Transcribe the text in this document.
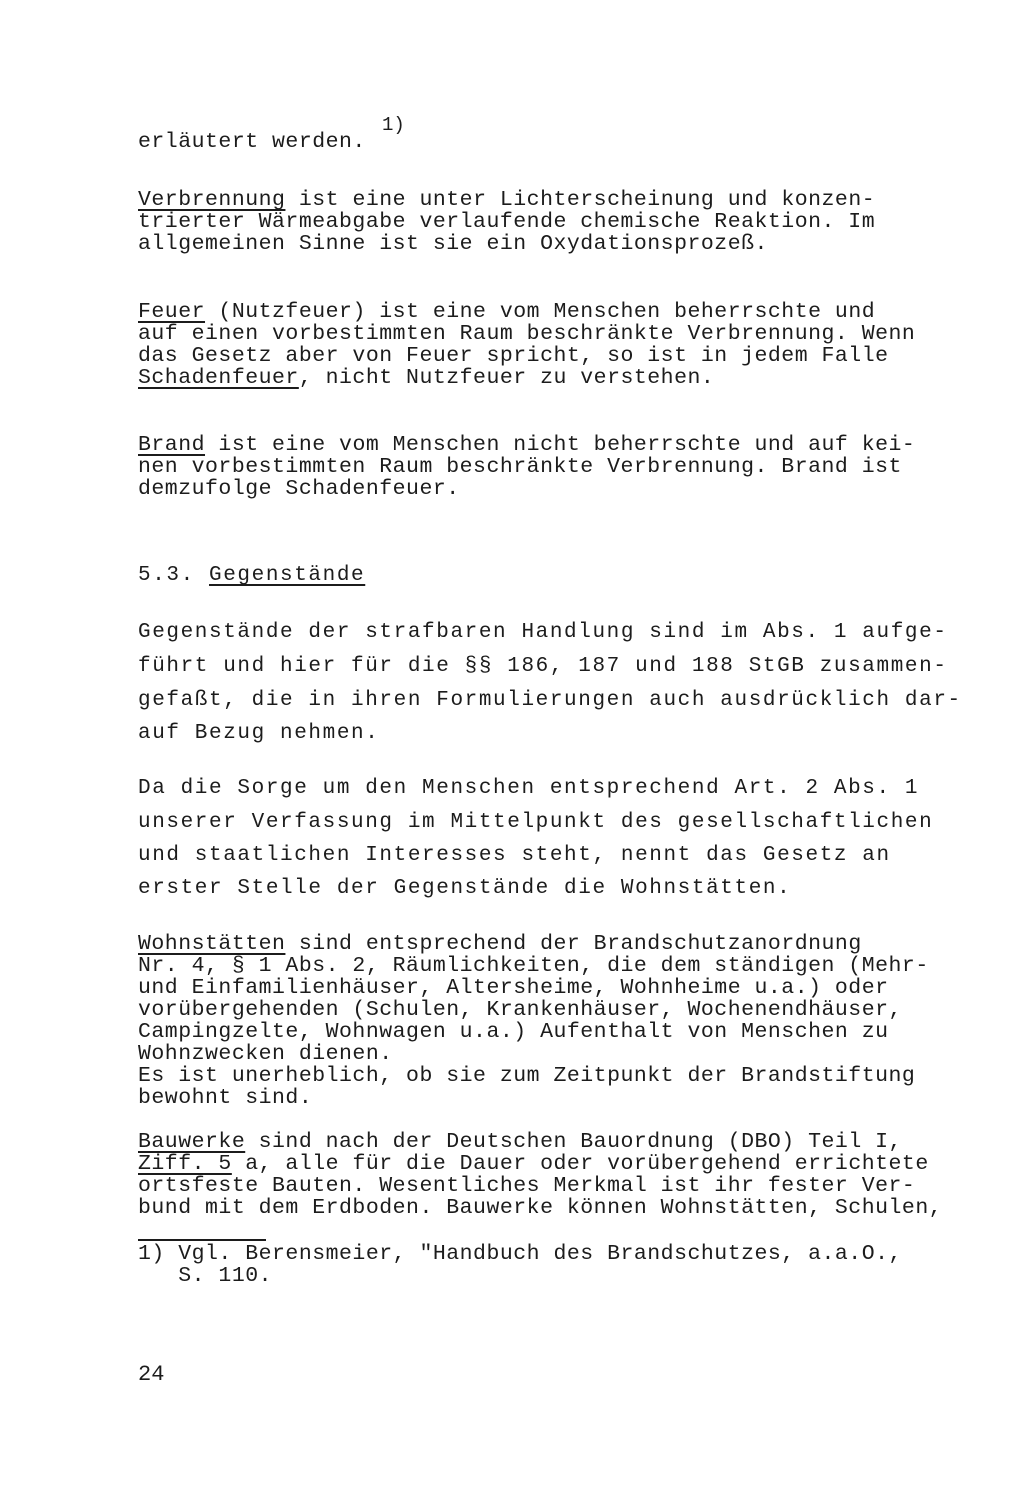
erläutert werden.
1)
Verbrennung ist eine unter Lichterscheinung und konzen-
trierter Wärmeabgabe verlaufende chemische Reaktion. Im
allgemeinen Sinne ist sie ein Oxydationsprozeß.
Feuer (Nutzfeuer) ist eine vom Menschen beherrschte und
auf einen vorbestimmten Raum beschränkte Verbrennung. Wenn
das Gesetz aber von Feuer spricht, so ist in jedem Falle
Schadenfeuer, nicht Nutzfeuer zu verstehen.
Brand ist eine vom Menschen nicht beherrschte und auf kei-
nen vorbestimmten Raum beschränkte Verbrennung. Brand ist
demzufolge Schadenfeuer.
5.3. Gegenstände
Gegenstände der strafbaren Handlung sind im Abs. 1 aufge-
führt und hier für die §§ 186, 187 und 188 StGB zusammen-
gefaßt, die in ihren Formulierungen auch ausdrücklich dar-
auf Bezug nehmen.
Da die Sorge um den Menschen entsprechend Art. 2 Abs. 1
unserer Verfassung im Mittelpunkt des gesellschaftlichen
und staatlichen Interesses steht, nennt das Gesetz an
erster Stelle der Gegenstände die Wohnstätten.
Wohnstätten sind entsprechend der Brandschutzanordnung
Nr. 4, § 1 Abs. 2, Räumlichkeiten, die dem ständigen (Mehr-
und Einfamilienhäuser, Altersheime, Wohnheime u.a.) oder
vorübergehenden (Schulen, Krankenhäuser, Wochenendhäuser,
Campingzelte, Wohnwagen u.a.) Aufenthalt von Menschen zu
Wohnzwecken dienen.
Es ist unerheblich, ob sie zum Zeitpunkt der Brandstiftung
bewohnt sind.
Bauwerke sind nach der Deutschen Bauordnung (DBO) Teil I,
Ziff. 5 a, alle für die Dauer oder vorübergehend errichtete
ortsfeste Bauten. Wesentliches Merkmal ist ihr fester Ver-
bund mit dem Erdboden. Bauwerke können Wohnstätten, Schulen,
1) Vgl. Berensmeier, "Handbuch des Brandschutzes, a.a.O.,
S. 110.
24
